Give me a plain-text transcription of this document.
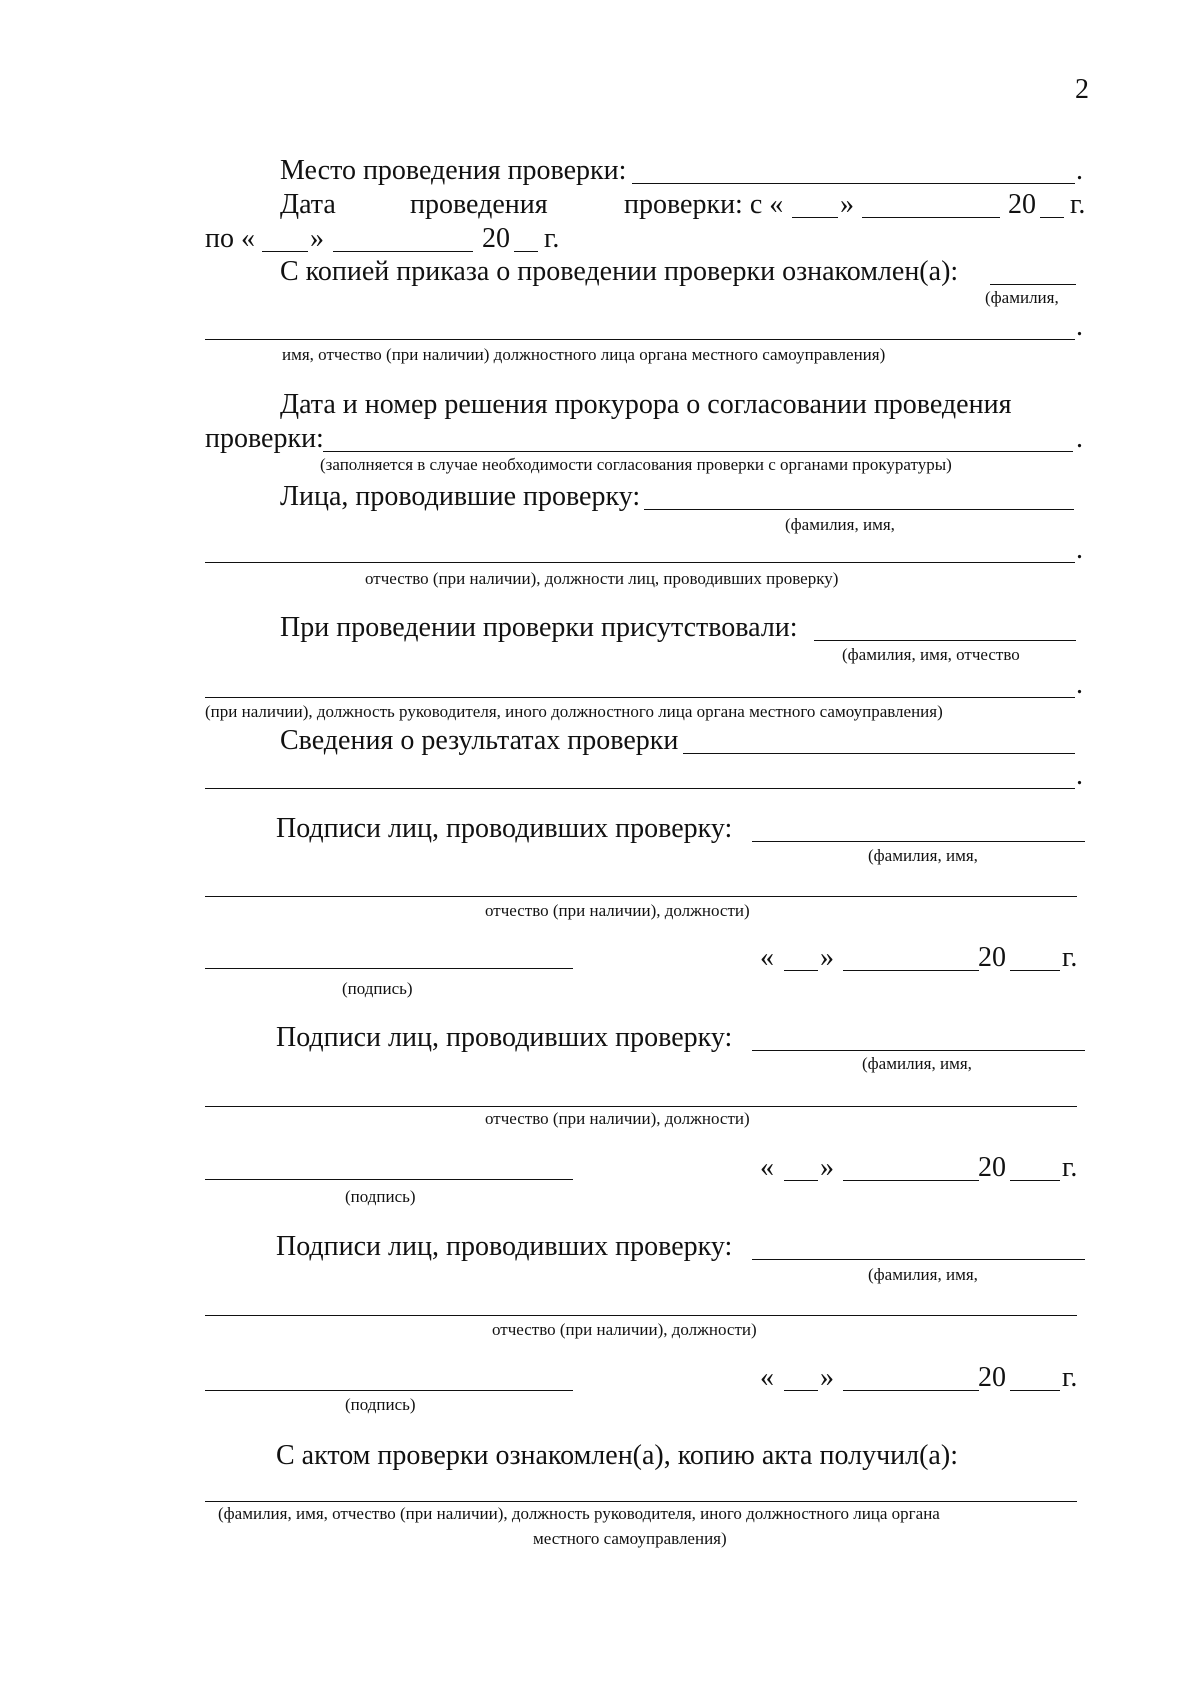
2
Место проведения проверки:	.
Дата	проведения	проверки: с « »	20 г.
по « »	20 г.
С копией приказа о проведении проверки ознакомлен(а):
(фамилия,
.
имя, отчество (при наличии) должностного лица органа местного самоуправления)
Дата и номер решения прокурора о согласовании проведения
проверки:	.
(заполняется в случае необходимости согласования проверки с органами прокуратуры)
Лица, проводившие проверку:
(фамилия, имя,
.
отчество (при наличии), должности лиц, проводивших проверку)
При проведении проверки присутствовали:
(фамилия, имя, отчество
.
(при наличии), должность руководителя, иного должностного лица органа местного самоуправления)
Сведения о результатах проверки
.
Подписи лиц, проводивших проверку:
(фамилия, имя,
отчество (при наличии), должности)
(подпись)
« »	20 г.
Подписи лиц, проводивших проверку:
(фамилия, имя,
отчество (при наличии), должности)
(подпись)
« »	20 г.
Подписи лиц, проводивших проверку:
(фамилия, имя,
отчество (при наличии), должности)
(подпись)
« »	20 г.
С актом проверки ознакомлен(а), копию акта получил(а):
(фамилия, имя, отчество (при наличии), должность руководителя, иного должностного лица органа
местного самоуправления)
